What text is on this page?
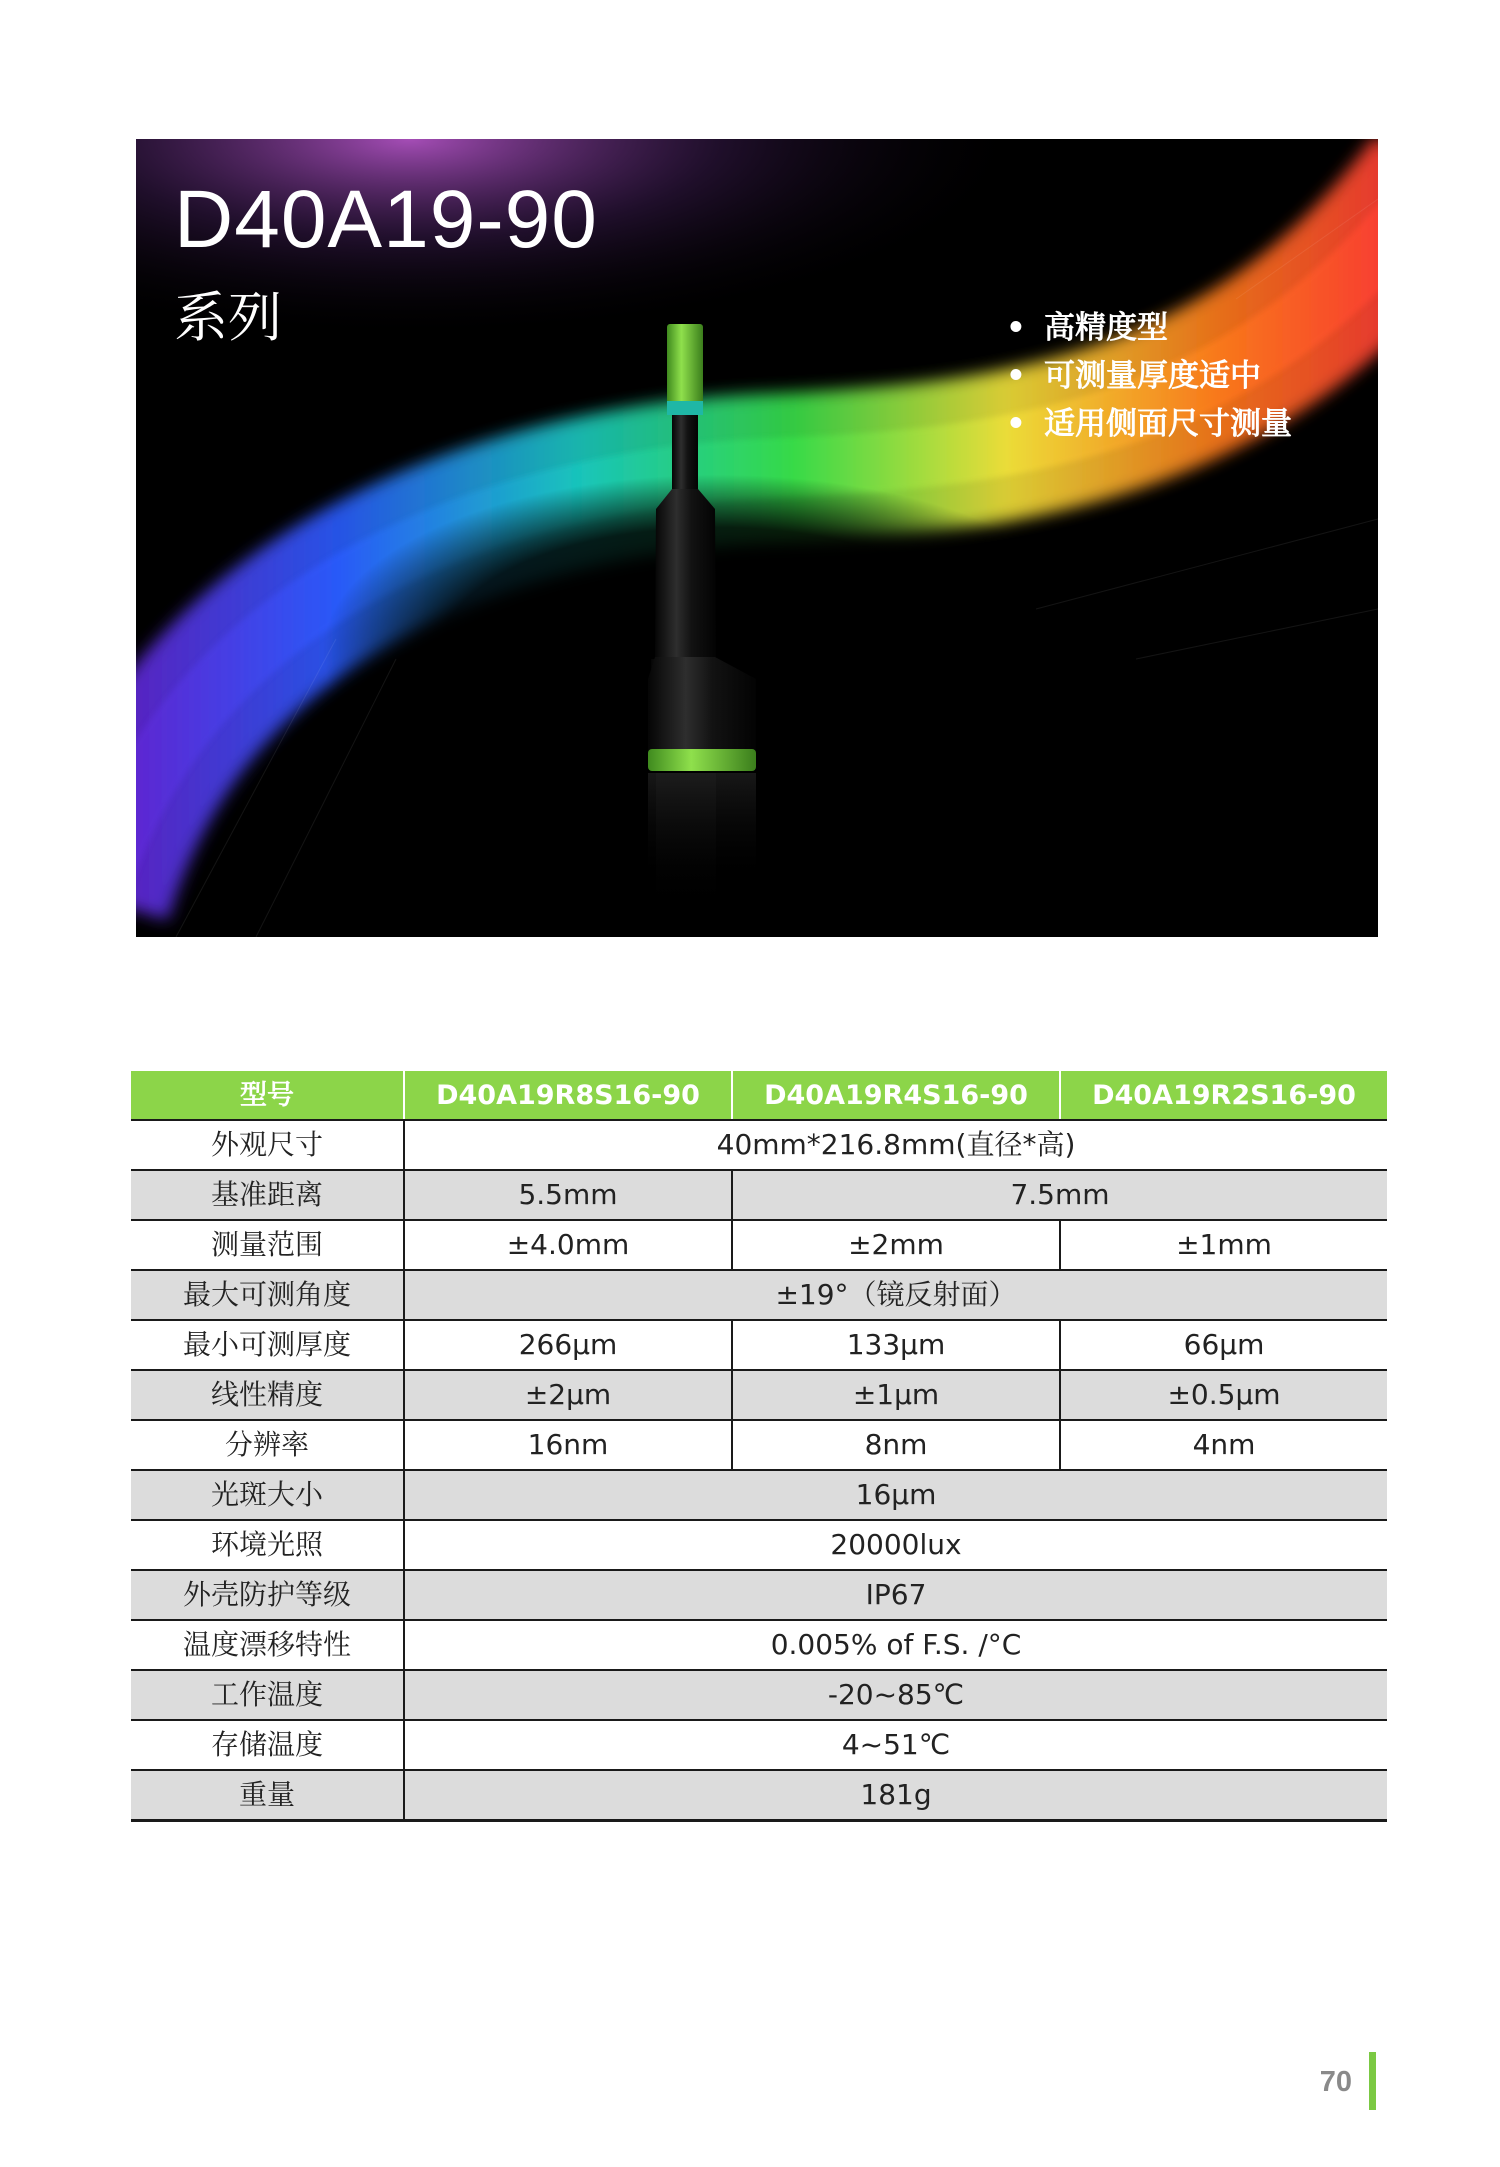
D40A19-90
系列	• 高精度型
• 可测量厚度适中
• 适用侧面尺寸测量
型号	D40A19R8S16-90	D40A19R4S16-90	D40A19R2S16-90
外观尺寸	40mm*216.8mm(直径*高)		
基准距离	5.5mm	7.5mm	
测量范围	±4.0mm	±2mm	±1mm
最大可测角度	±19°（镜反射面）		
最小可测厚度	266μm	133μm	66μm
线性精度	±2μm	±1μm	±0.5μm
分辨率	16nm	8nm	4nm
光斑大小	16μm		
环境光照	20000lux		
外壳防护等级	IP67		
温度漂移特性	0.005% of F.S. /°C		
工作温度	-20~85℃		
存储温度	4~51℃		
重量	181g		
70
